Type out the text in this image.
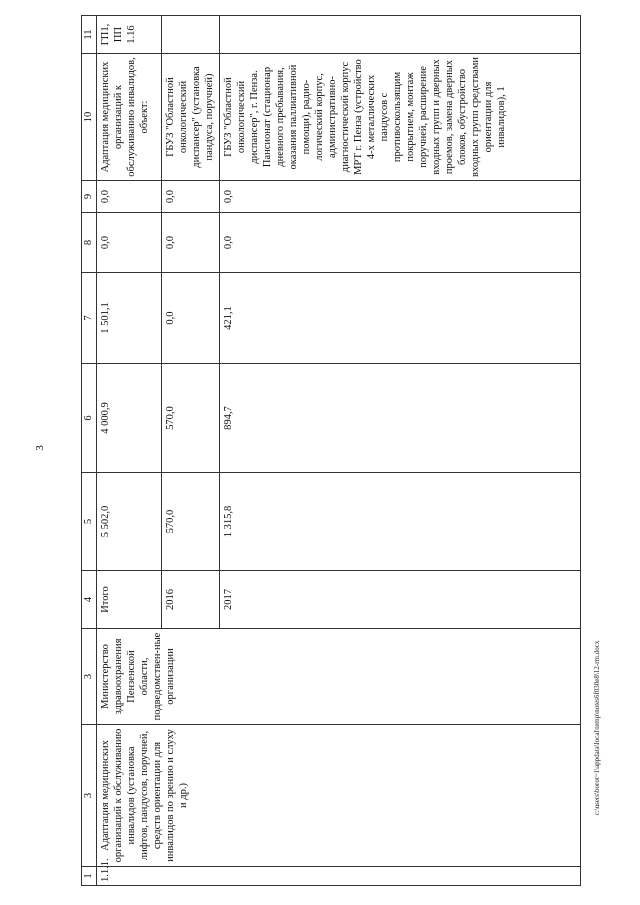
3
1	3	3	4	5	6	7	8	9	10	11
1.1.1.	Адаптация медицинских организаций к обслуживанию инвалидов (установка лифтов, пандусов, поручней, средств ориентации для инвалидов по зрению и слуху и др.)	Министерство здравоохранения Пензенской области, подведомствен-ные организации	Итого	5 502,0	4 000,9	1 501,1	0,0	0,0	Адаптация медицинских организаций к обслуживанию инвалидов, объект:	ГП1, ПП 1.16
			2016	570,0	570,0	0,0	0,0	0,0	ГБУЗ "Областной онкологический диспансер" (установка пандуса, поручней)	
			2017	1 315,8	894,7	421,1	0,0	0,0	ГБУЗ "Областной онкологический диспансер", г. Пенза. Пансионат (стационар дневного пребывания, оказания паллиативной помощи), радио-логический корпус, административно-диагностический корпус МРТ г. Пенза (устройство 4-х металлических пандусов с противоскользящим покрытием, монтаж поручней, расширение входных групп и дверных проемов, замена дверных блоков, обустройство входных групп средствами ориентации для инвалидов), 1	
c:\users\borot~1\appdata\local\temp\notes6f030e8\12-rm.docx
